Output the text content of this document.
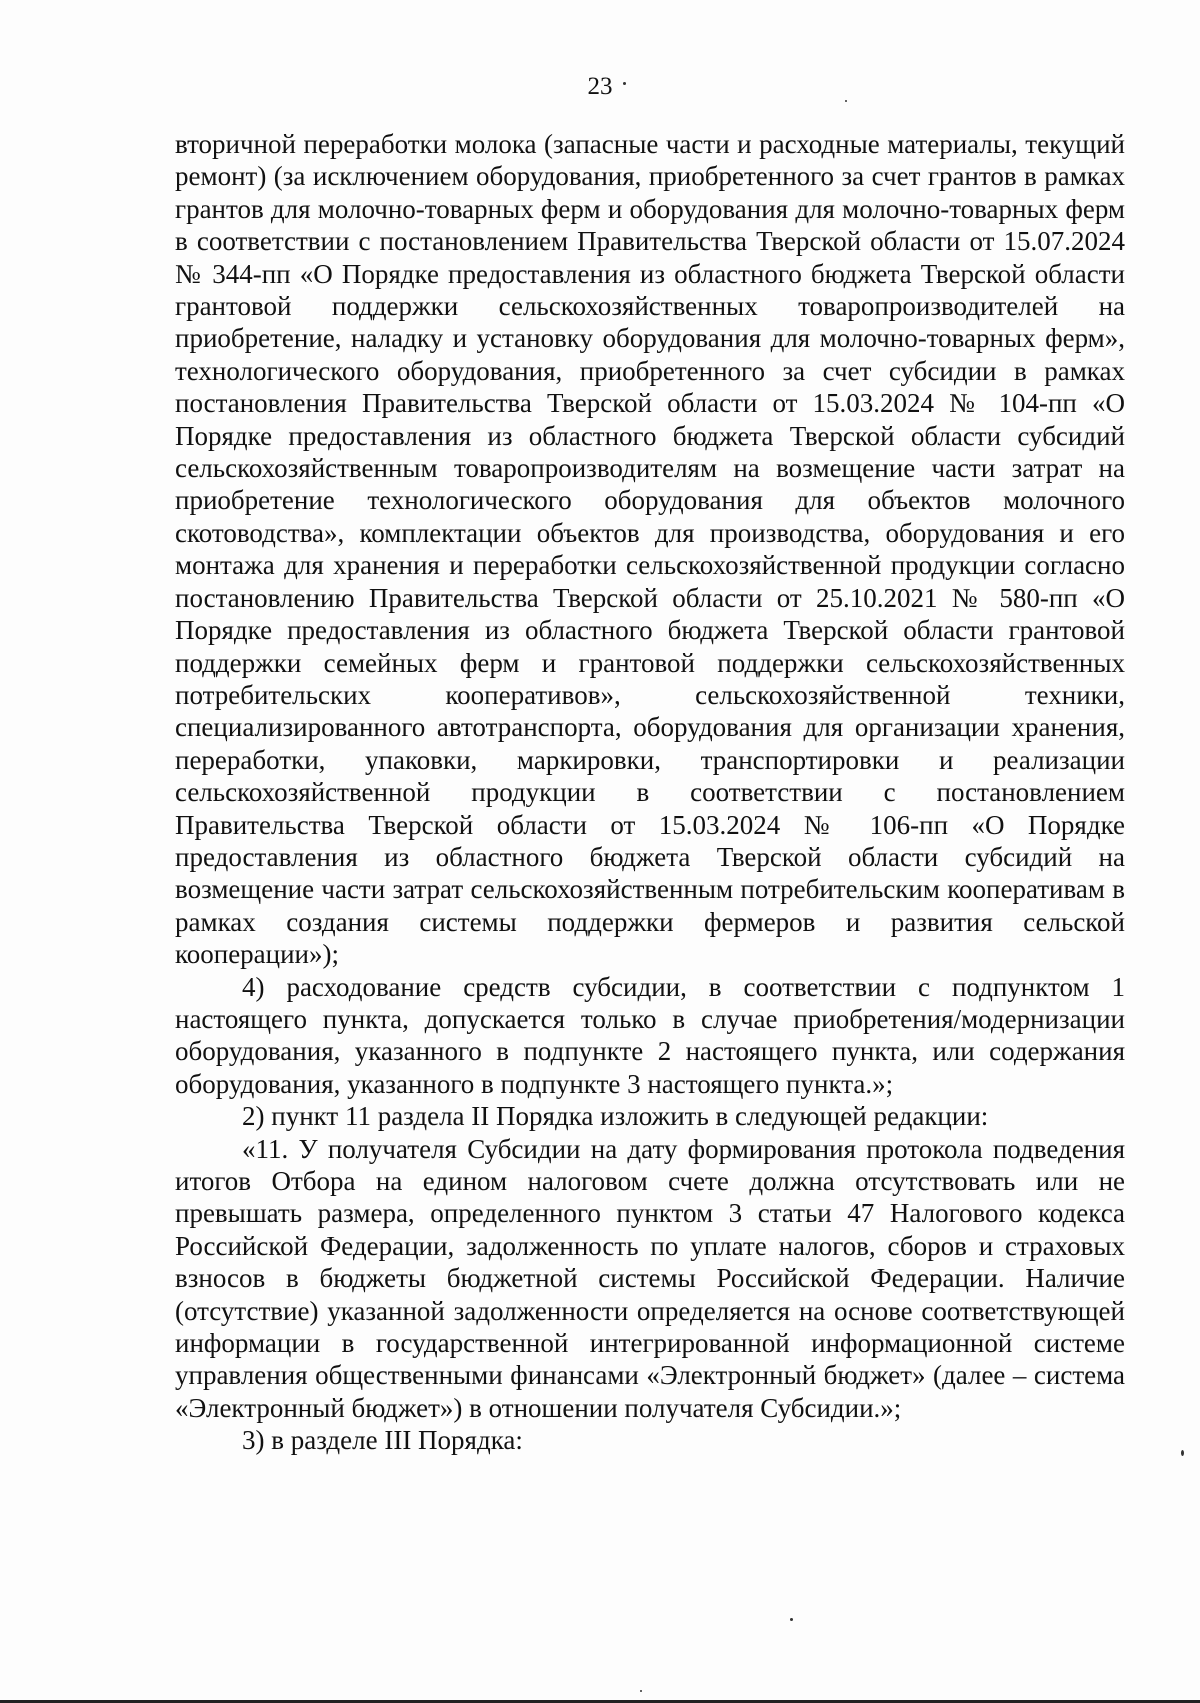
23

вторичной переработки молока (запасные части и расходные материалы, текущий ремонт) (за исключением оборудования, приобретенного за счет грантов в рамках грантов для молочно-товарных ферм и оборудования для молочно-товарных ферм в соответствии с постановлением Правительства Тверской области от 15.07.2024 № 344-пп «О Порядке предоставления из областного бюджета Тверской области грантовой поддержки сельскохозяйственных товаропроизводителей на приобретение, наладку и установку оборудования для молочно-товарных ферм», технологического оборудования, приобретенного за счет субсидии в рамках постановления Правительства Тверской области от 15.03.2024 № 104-пп «О Порядке предоставления из областного бюджета Тверской области субсидий сельскохозяйственным товаропроизводителям на возмещение части затрат на приобретение технологического оборудования для объектов молочного скотоводства», комплектации объектов для производства, оборудования и его монтажа для хранения и переработки сельскохозяйственной продукции согласно постановлению Правительства Тверской области от 25.10.2021 № 580-пп «О Порядке предоставления из областного бюджета Тверской области грантовой поддержки семейных ферм и грантовой поддержки сельскохозяйственных потребительских кооперативов», сельскохозяйственной техники, специализированного автотранспорта, оборудования для организации хранения, переработки, упаковки, маркировки, транспортировки и реализации сельскохозяйственной продукции в соответствии с постановлением Правительства Тверской области от 15.03.2024 № 106-пп «О Порядке предоставления из областного бюджета Тверской области субсидий на возмещение части затрат сельскохозяйственным потребительским кооперативам в рамках создания системы поддержки фермеров и развития сельской кооперации»);

4) расходование средств субсидии, в соответствии с подпунктом 1 настоящего пункта, допускается только в случае приобретения/модернизации оборудования, указанного в подпункте 2 настоящего пункта, или содержания оборудования, указанного в подпункте 3 настоящего пункта.»;

2) пункт 11 раздела II Порядка изложить в следующей редакции:

«11. У получателя Субсидии на дату формирования протокола подведения итогов Отбора на едином налоговом счете должна отсутствовать или не превышать размера, определенного пунктом 3 статьи 47 Налогового кодекса Российской Федерации, задолженность по уплате налогов, сборов и страховых взносов в бюджеты бюджетной системы Российской Федерации. Наличие (отсутствие) указанной задолженности определяется на основе соответствующей информации в государственной интегрированной информационной системе управления общественными финансами «Электронный бюджет» (далее – система «Электронный бюджет») в отношении получателя Субсидии.»;

3) в разделе III Порядка:
